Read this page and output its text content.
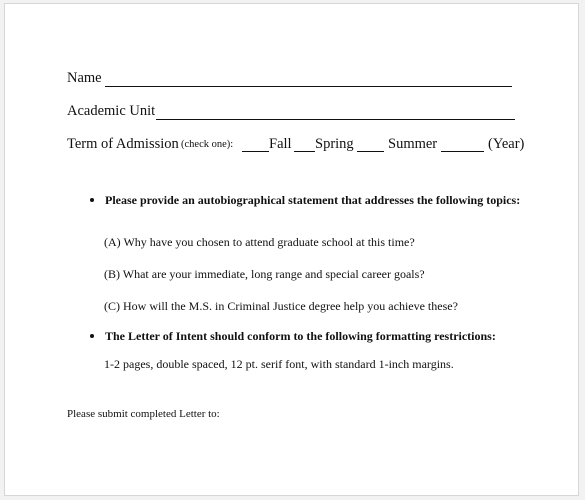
Name
Academic Unit
Term of Admission (check one): Fall Spring Summer	(Year)
Please provide an autobiographical statement that addresses the following topics:
(A) Why have you chosen to attend graduate school at this time?
(B) What are your immediate, long range and special career goals?
(C) How will the M.S. in Criminal Justice degree help you achieve these?
The Letter of Intent should conform to the following formatting restrictions:
1-2 pages, double spaced, 12 pt. serif font, with standard 1-inch margins.
Please submit completed Letter to:
